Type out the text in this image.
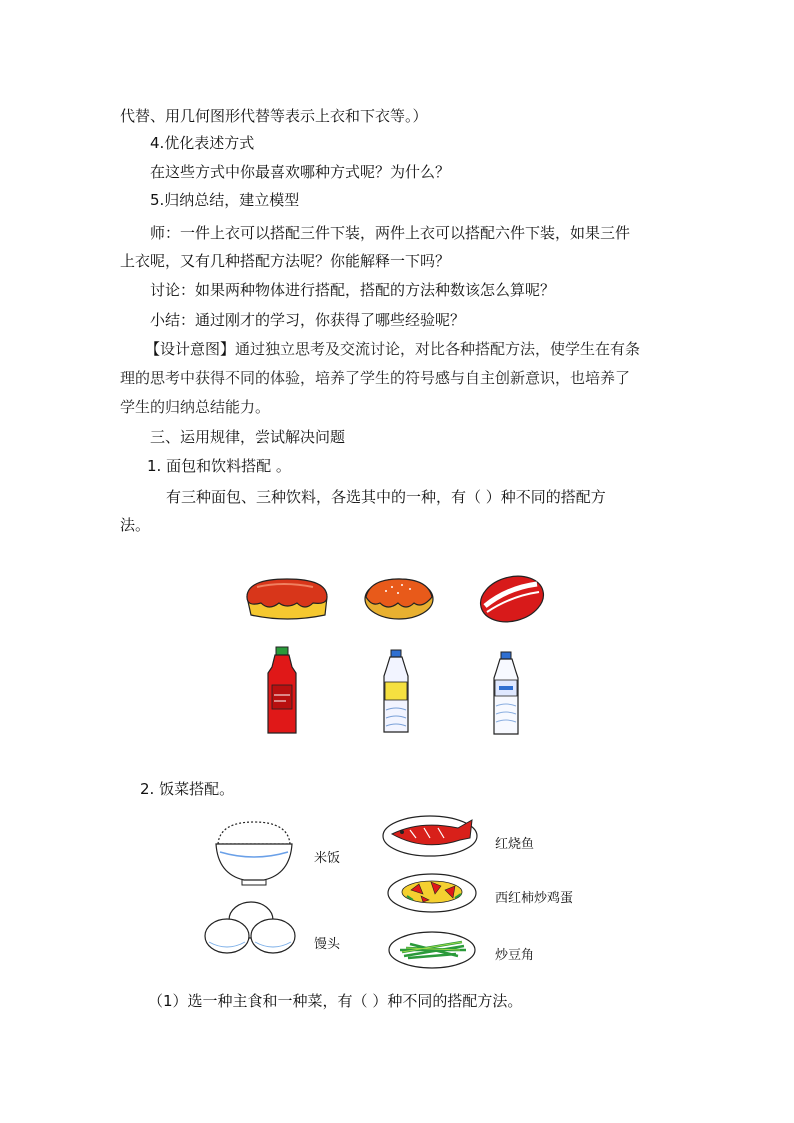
代替、用几何图形代替等表示上衣和下衣等。）
4.优化表述方式
在这些方式中你最喜欢哪种方式呢？为什么？
5.归纳总结，建立模型
师：一件上衣可以搭配三件下装，两件上衣可以搭配六件下装，如果三件
上衣呢，又有几种搭配方法呢？你能解释一下吗？
讨论：如果两种物体进行搭配，搭配的方法种数该怎么算呢？
小结：通过刚才的学习，你获得了哪些经验呢？
【设计意图】通过独立思考及交流讨论，对比各种搭配方法，使学生在有条
理的思考中获得不同的体验，培养了学生的符号感与自主创新意识，也培养了
学生的归纳总结能力。
三、运用规律，尝试解决问题
1. 面包和饮料搭配 。
有三种面包、三种饮料，各选其中的一种，有（ ）种不同的搭配方
法。
2. 饭菜搭配。
米饭
馒头
红烧鱼
西红柿炒鸡蛋
炒豆角
（1）选一种主食和一种菜，有（ ）种不同的搭配方法。
